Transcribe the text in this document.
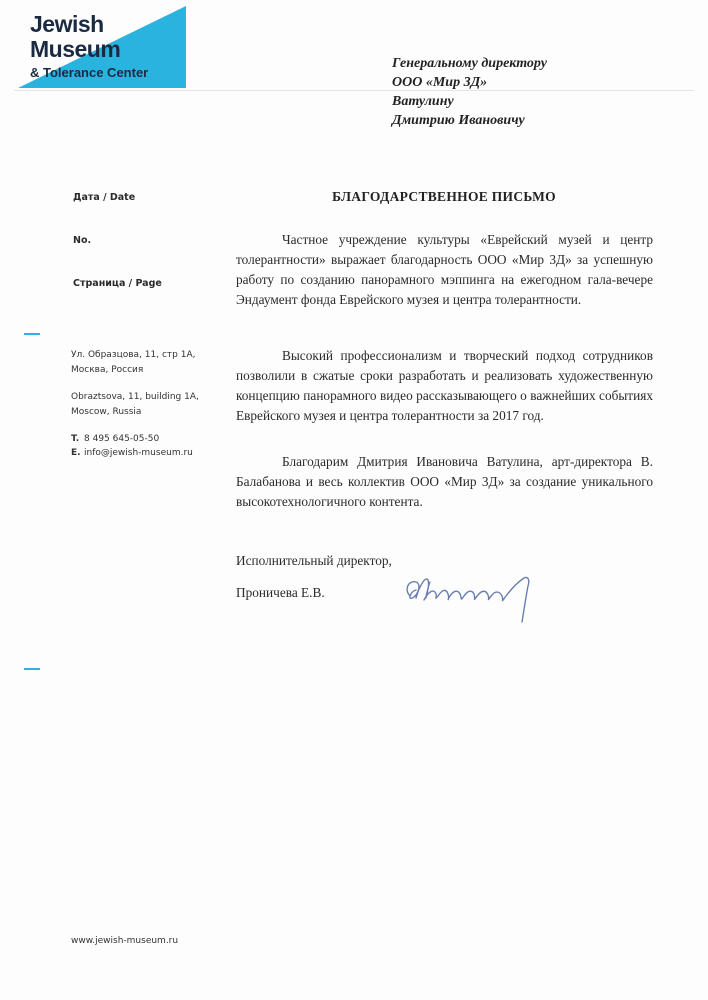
Jewish
Museum
& Tolerance Center
Генеральному директору
ООО «Мир 3Д»
Ватулину
Дмитрию Ивановичу
Дата / Date
No.
Страница / Page
Ул. Образцова, 11, стр 1А,
Москва, Россия
Obraztsova, 11, building 1A,
Moscow, Russia
T. 8 495 645-05-50
E. info@jewish-museum.ru
www.jewish-museum.ru
БЛАГОДАРСТВЕННОЕ ПИСЬМО
Частное учреждение культуры «Еврейский музей и центр толерантности» выражает благодарность ООО «Мир 3Д» за успешную работу по созданию панорамного мэппинга на ежегодном гала-вечере Эндаумент фонда Еврейского музея и центра толерантности.
Высокий профессионализм и творческий подход сотрудников позволили в сжатые сроки разработать и реализовать художественную концепцию панорамного видео рассказывающего о важнейших событиях Еврейского музея и центра толерантности за 2017 год.
Благодарим Дмитрия Ивановича Ватулина, арт-директора В. Балабанова и весь коллектив ООО «Мир 3Д» за создание уникального высокотехнологичного контента.
Исполнительный директор,
Проничева Е.В.
